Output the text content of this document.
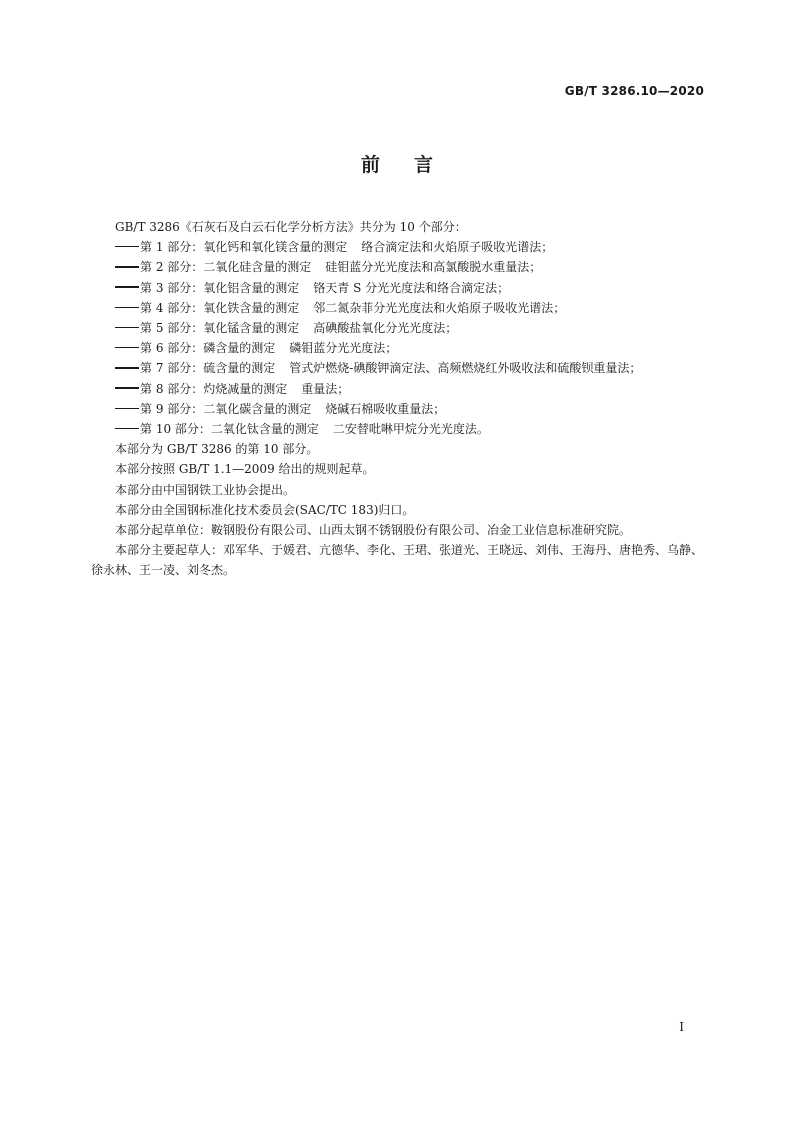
GB/T 3286.10—2020
前言

GB/T 3286《石灰石及白云石化学分析方法》共分为 10 个部分：

第 1 部分：氧化钙和氧化镁含量的测定 络合滴定法和火焰原子吸收光谱法；

第 2 部分：二氧化硅含量的测定 硅钼蓝分光光度法和高氯酸脱水重量法；

第 3 部分：氧化铝含量的测定 铬天青 S 分光光度法和络合滴定法；

第 4 部分：氧化铁含量的测定 邻二氮杂菲分光光度法和火焰原子吸收光谱法；

第 5 部分：氧化锰含量的测定 高碘酸盐氧化分光光度法；

第 6 部分：磷含量的测定 磷钼蓝分光光度法；

第 7 部分：硫含量的测定 管式炉燃烧-碘酸钾滴定法、高频燃烧红外吸收法和硫酸钡重量法；

第 8 部分：灼烧减量的测定 重量法；

第 9 部分：二氧化碳含量的测定 烧碱石棉吸收重量法；

第 10 部分：二氧化钛含量的测定 二安替吡啉甲烷分光光度法。

本部分为 GB/T 3286 的第 10 部分。

本部分按照 GB/T 1.1—2009 给出的规则起草。

本部分由中国钢铁工业协会提出。

本部分由全国钢标准化技术委员会(SAC/TC 183)归口。

本部分起草单位：鞍钢股份有限公司、山西太钢不锈钢股份有限公司、冶金工业信息标准研究院。

本部分主要起草人：邓军华、于媛君、亢德华、李化、王珺、张道光、王晓远、刘伟、王海丹、唐艳秀、乌静、徐永林、王一凌、刘冬杰。

I
